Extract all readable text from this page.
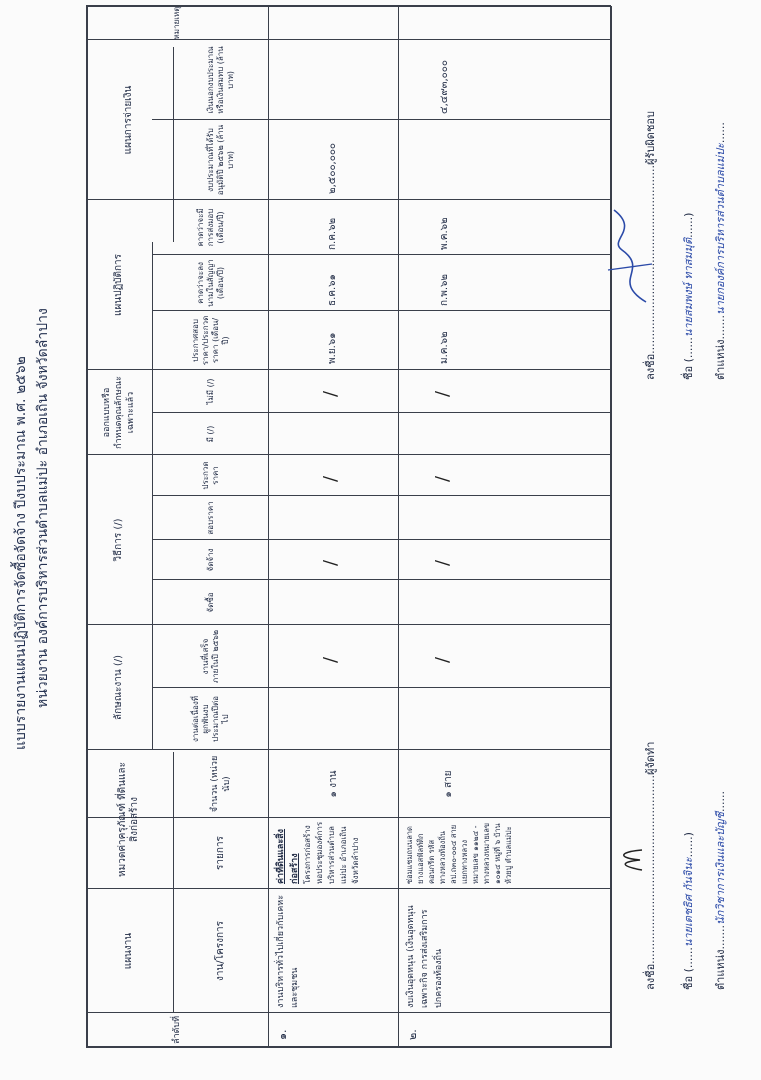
แบบรายงานแผนปฏิบัติการจัดซื้อจัดจ้าง ปีงบประมาณ พ.ศ. ๒๕๖๒ หน่วยงาน องค์การบริหารส่วนตำบลแม่ปะ อำเภอเถิน จังหวัดลำปาง
ลำดับที่
แผนงาน	งาน/โครงการ
หมวดค่าครุภัณฑ์ ที่ดินและสิ่งก่อสร้าง
รายการ
จำนวน (หน่วยนับ)
ลักษณะงาน (/)	งานต่อเนื่องที่ผูกพันงบประมาณปีต่อไป
งานที่เสร็จภายในปี ๒๕๖๒
วิธีการ (/)
จัดซื้อ
จัดจ้าง
สอบราคา
ประกวดราคา
ออกแบบหรือกำหนดคุณลักษณะเฉพาะแล้ว
มี (/)
ไม่มี (/)
แผนปฏิบัติการ
ประกาศสอบราคา/ประกวดราคา (เดือน/ปี)
คาดว่าจะลงนามในสัญญา (เดือน/ปี)
คาดว่าจะมีการส่งมอบ (เดือน/ปี)
แผนการจ่ายเงิน
งบประมาณที่ได้รับอนุมัติปี ๒๕๖๒ (ล้านบาท)
เงินนอกงบประมาณหรือเงินสมทบ (ล้านบาท)
หมายเหตุ
๑.
งานบริหารทั่วไปเกี่ยวกับเคหะและชุมชน
ค่าที่ดินและสิ่งก่อสร้าง โครงการก่อสร้างหอประชุมองค์การบริหารส่วนตำบลแม่ปะ อำเภอเถิน จังหวัดลำปาง
๑ งาน
/
/
/
/
พ.ย.๖๑
ธ.ค.๖๑
ก.ค.๖๒
๒,๕๐๐,๐๐๐
๒.
งบเงินอุดหนุน (เงินอุดหนุนเฉพาะกิจ การส่งเสริมการปกครองท้องถิ่น
ซ่อมแซมถนนลาดยางแอสฟัลท์ติกคอนกรีต รหัสทางหลวงท้องถิ่น ลป.ถ๓๐-๐๐๔ สายแยกทางหลวงหมายเลข ๑๑๒๔ - ทางหลวงหมายเลข ๑๐๑๔ หมู่ที่ ๖ บ้านห้วยปู ตำบลแม่ปะ
๑ สาย
/
/
/
/
ม.ค.๖๒
ก.พ.๖๒
พ.ค.๖๒
๔,๔๙๓,๐๐๐

ลงชื่อ......................................................ผู้จัดทำ

ชื่อ (......นายเตชธิศ กันจินะ......)

ตำแหน่ง.......นักวิชาการเงินและบัญชี......

ลงชื่อ......................................................ผู้รับผิดชอบ

ชื่อ (......นายสมพงษ์ ทาสมมุติ......)

ตำแหน่ง.......นายกองค์การบริหารส่วนตำบลแม่ปะ......
